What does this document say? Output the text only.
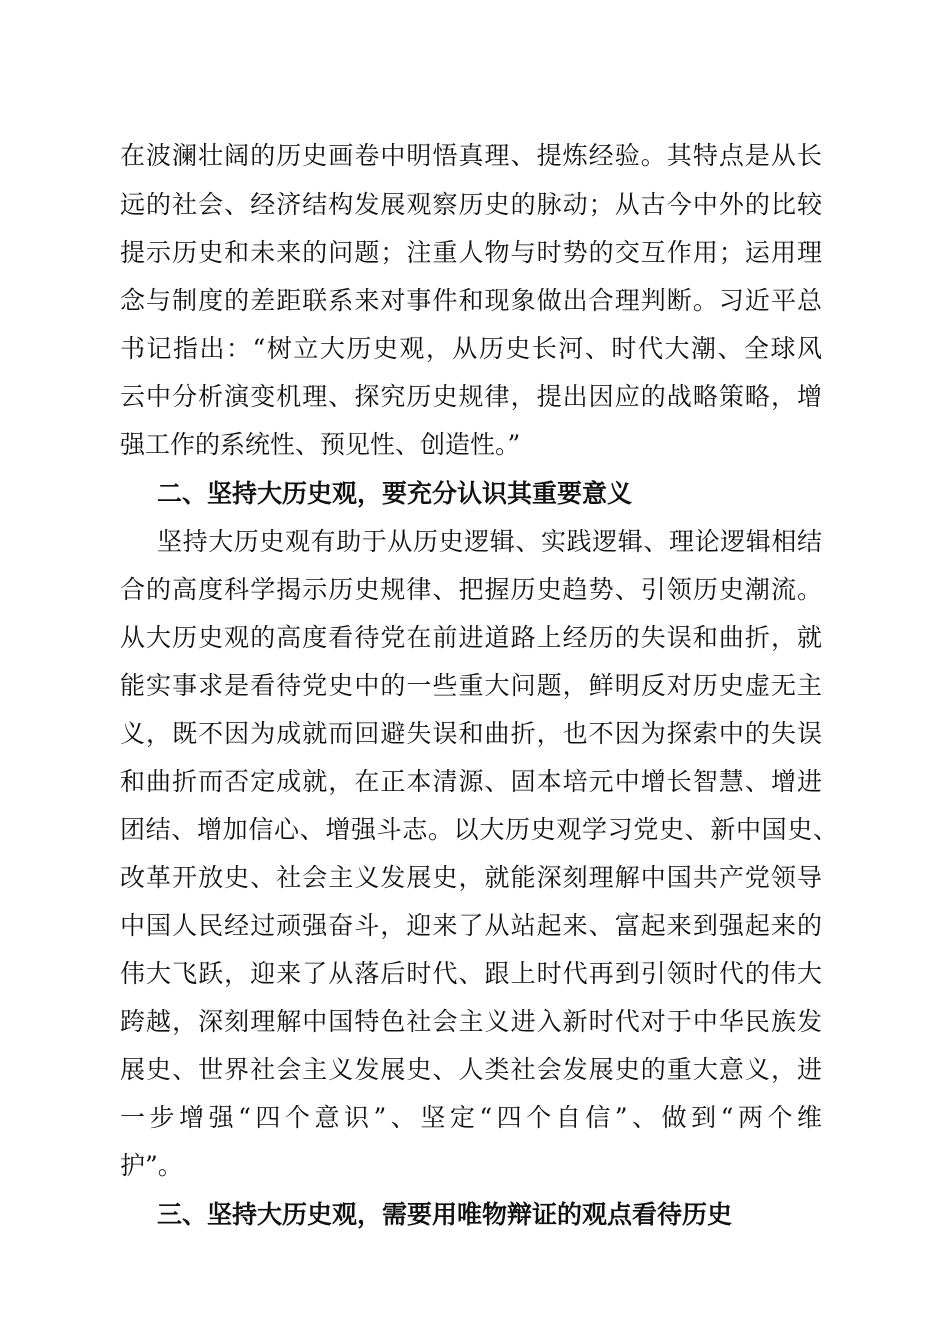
在波澜壮阔的历史画卷中明悟真理、提炼经验。其特点是从长
远的社会、经济结构发展观察历史的脉动；从古今中外的比较
提示历史和未来的问题；注重人物与时势的交互作用；运用理
念与制度的差距联系来对事件和现象做出合理判断。习近平总
书记指出：“树立大历史观，从历史长河、时代大潮、全球风
云中分析演变机理、探究历史规律，提出因应的战略策略，增
强工作的系统性、预见性、创造性。”
二、坚持大历史观，要充分认识其重要意义
坚持大历史观有助于从历史逻辑、实践逻辑、理论逻辑相结
合的高度科学揭示历史规律、把握历史趋势、引领历史潮流。
从大历史观的高度看待党在前进道路上经历的失误和曲折，就
能实事求是看待党史中的一些重大问题，鲜明反对历史虚无主
义，既不因为成就而回避失误和曲折，也不因为探索中的失误
和曲折而否定成就，在正本清源、固本培元中增长智慧、增进
团结、增加信心、增强斗志。以大历史观学习党史、新中国史、
改革开放史、社会主义发展史，就能深刻理解中国共产党领导
中国人民经过顽强奋斗，迎来了从站起来、富起来到强起来的
伟大飞跃，迎来了从落后时代、跟上时代再到引领时代的伟大
跨越，深刻理解中国特色社会主义进入新时代对于中华民族发
展史、世界社会主义发展史、人类社会发展史的重大意义，进
一步增强“四个意识”、坚定“四个自信”、做到“两个维
护”。
三、坚持大历史观，需要用唯物辩证的观点看待历史
